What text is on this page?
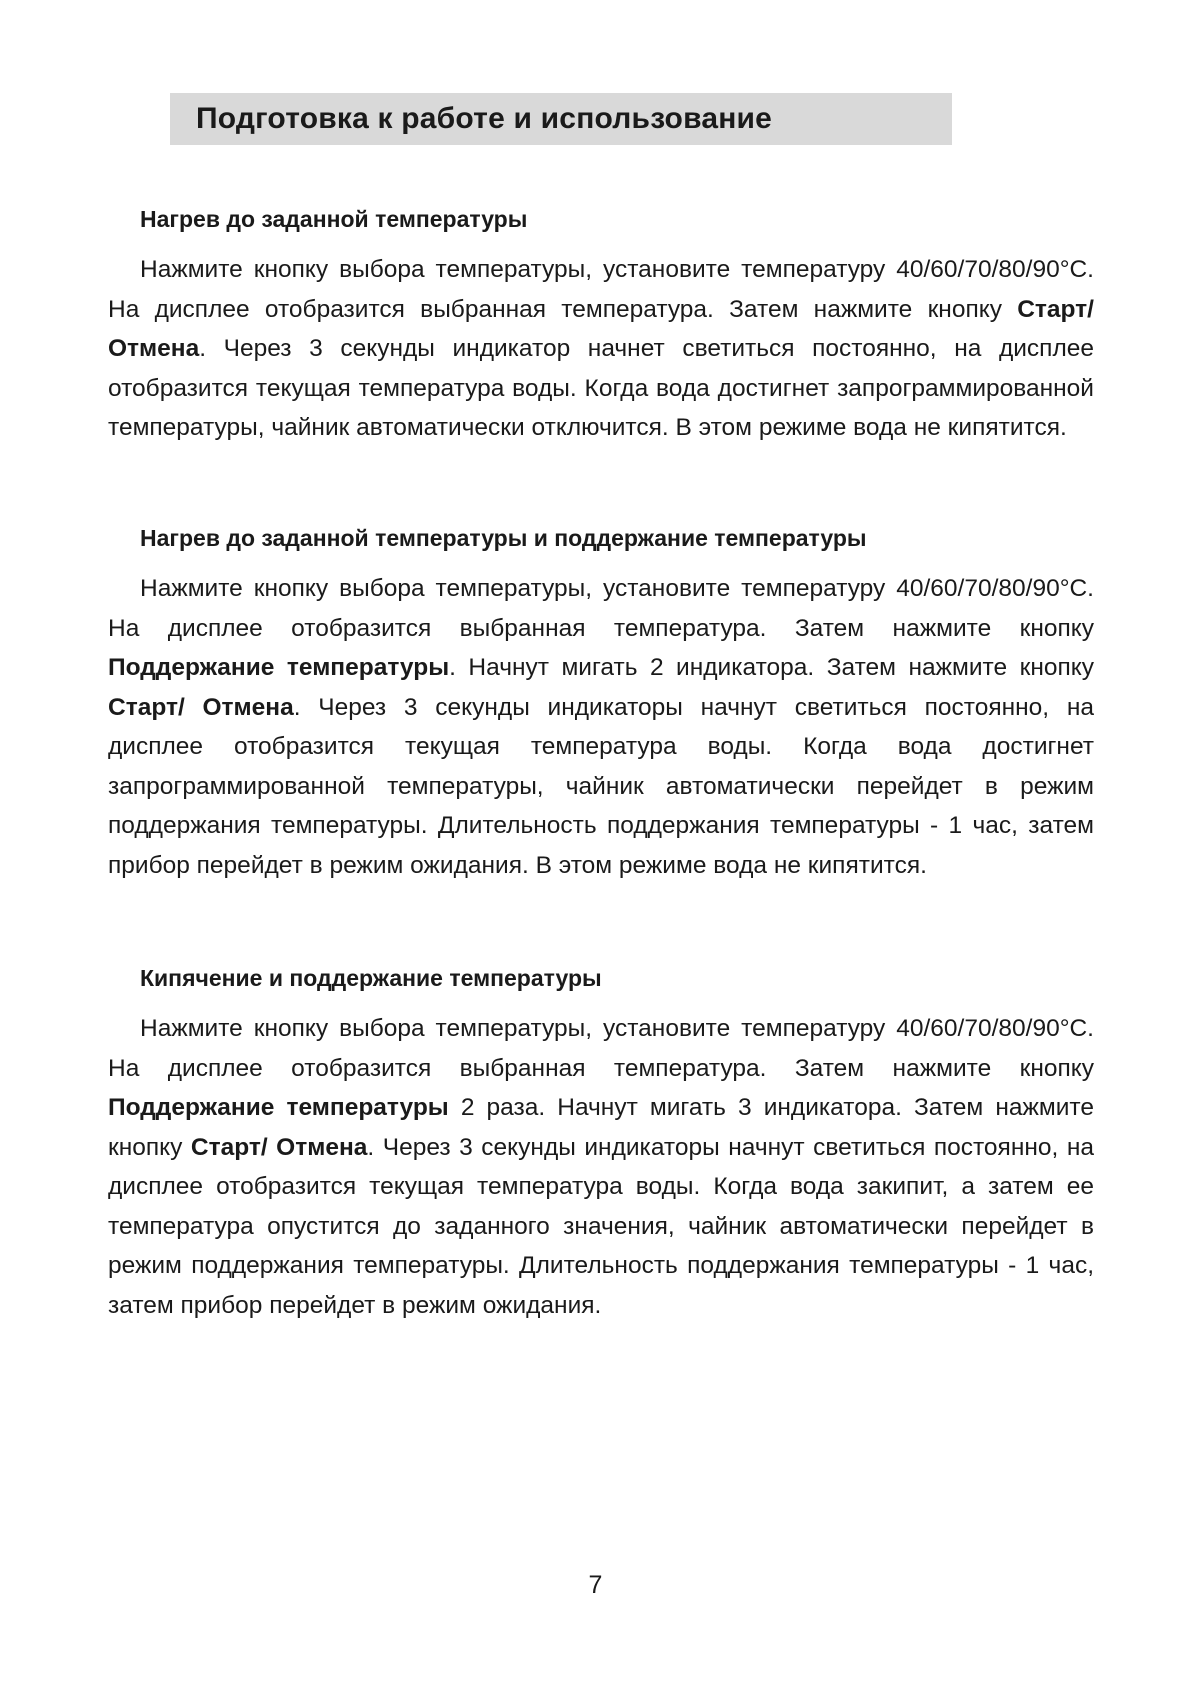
Подготовка к работе и использование
Нагрев до заданной температуры

Нажмите кнопку выбора температуры, установите температуру 40/60/70/80/90°C. На дисплее отобразится выбранная температура. Затем нажмите кнопку Старт/ Отмена. Через 3 секунды индикатор начнет светиться постоянно, на дисплее отобразится текущая температура воды. Когда вода достигнет запрограммированной температуры, чайник автоматически отключится. В этом режиме вода не кипятится.

Нагрев до заданной температуры и поддержание температуры

Нажмите кнопку выбора температуры, установите температуру 40/60/70/80/90°C. На дисплее отобразится выбранная температура. Затем нажмите кнопку Поддержание температуры. Начнут мигать 2 индикатора. Затем нажмите кнопку Старт/ Отмена. Через 3 секунды индикаторы начнут светиться постоянно, на дисплее отобразится текущая температура воды. Когда вода достигнет запрограммированной температуры, чайник автоматически перейдет в режим поддержания температуры. Длительность поддержания температуры - 1 час, затем прибор перейдет в режим ожидания. В этом режиме вода не кипятится.

Кипячение и поддержание температуры

Нажмите кнопку выбора температуры, установите температуру 40/60/70/80/90°C. На дисплее отобразится выбранная температура. Затем нажмите кнопку Поддержание температуры 2 раза. Начнут мигать 3 индикатора. Затем нажмите кнопку Старт/ Отмена. Через 3 секунды индикаторы начнут светиться постоянно, на дисплее отобразится текущая температура воды. Когда вода закипит, а затем ее температура опустится до заданного значения, чайник автоматически перейдет в режим поддержания температуры. Длительность поддержания температуры - 1 час, затем прибор перейдет в режим ожидания.

7
